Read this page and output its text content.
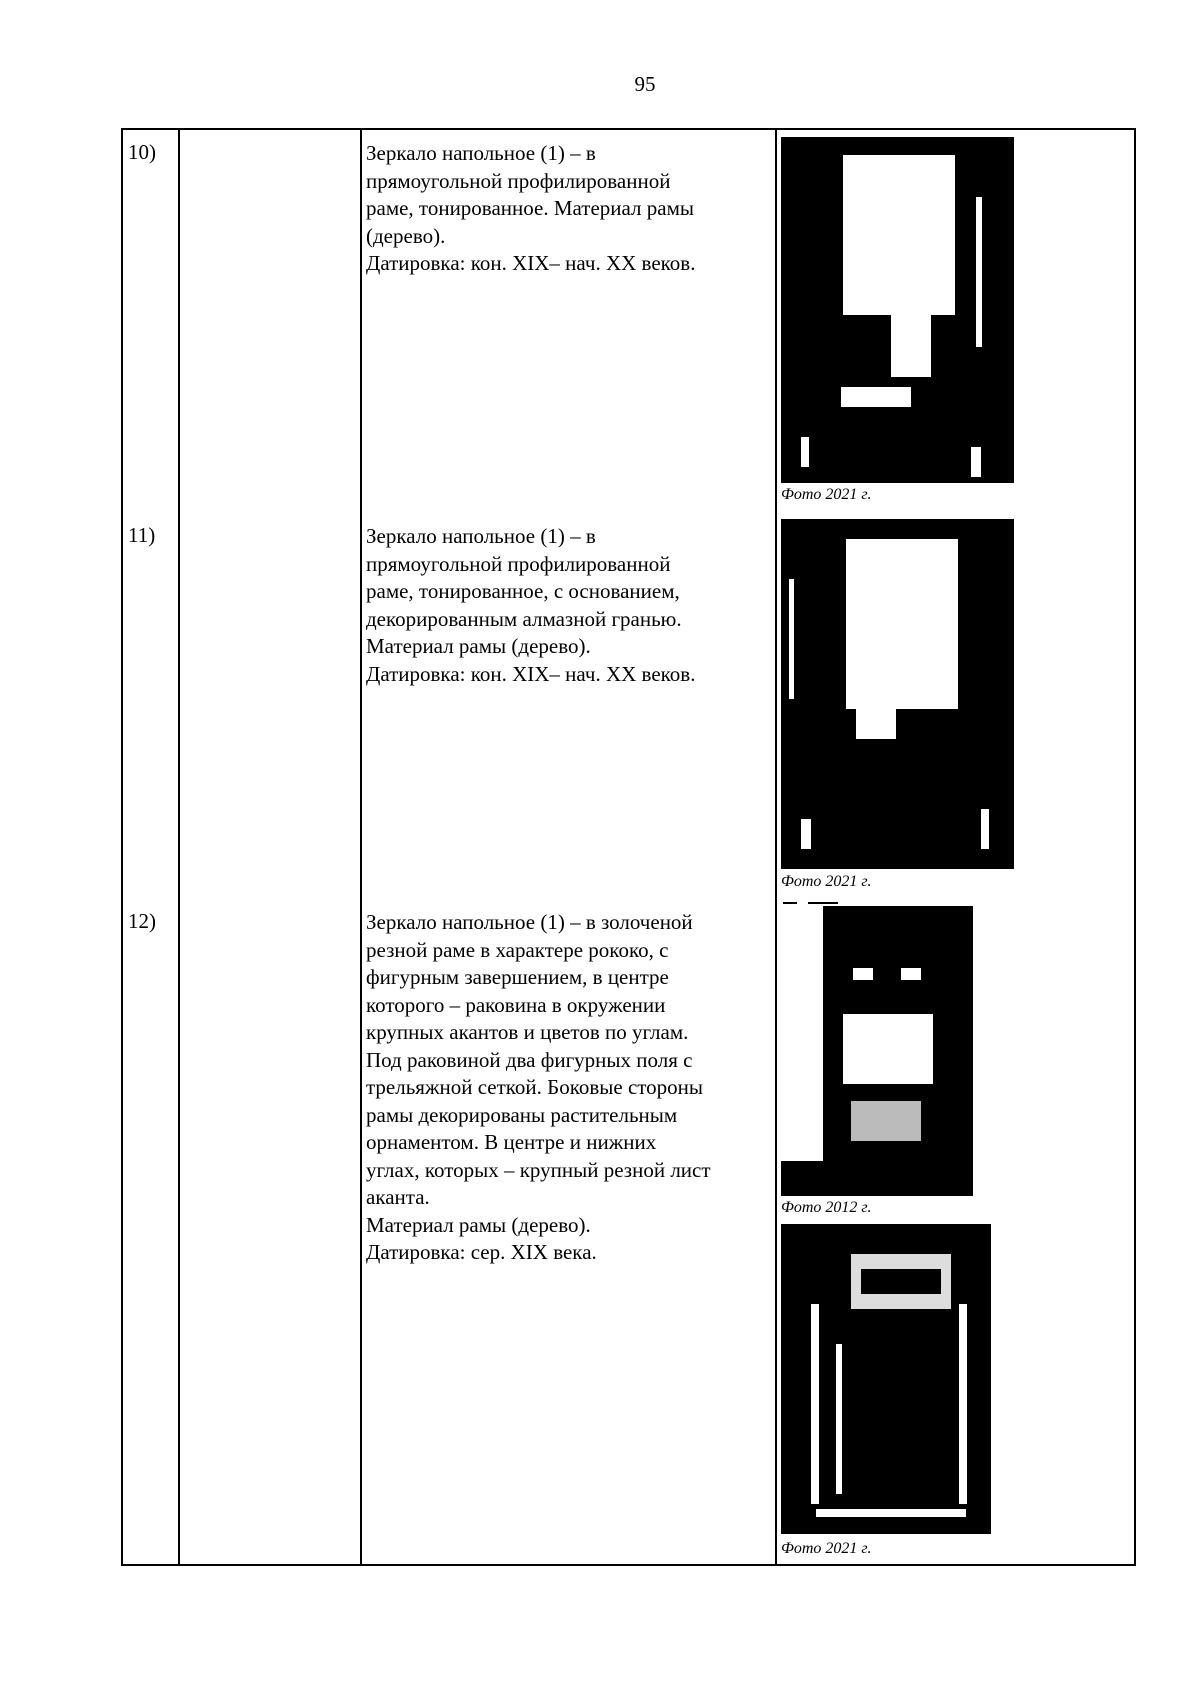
95
10)	Зеркало напольное (1) – в
прямоугольной профилированной
раме, тонированное. Материал рамы
(дерево).
Датировка: кон. XIX– нач. XX веков.
Фото 2021 г.
11)	Зеркало напольное (1) – в
прямоугольной профилированной
раме, тонированное, с основанием,
декорированным алмазной гранью.
Материал рамы (дерево).
Датировка: кон. XIX– нач. XX веков.
Фото 2021 г.
12)	Зеркало напольное (1) – в золоченой
резной раме в характере рококо, с
фигурным завершением, в центре
которого – раковина в окружении
крупных акантов и цветов по углам.
Под раковиной два фигурных поля с
трельяжной сеткой. Боковые стороны
рамы декорированы растительным
орнаментом. В центре и нижних
углах, которых – крупный резной лист
аканта.
Материал рамы (дерево).
Датировка: сер. XIX века.
Фото 2012 г.
Фото 2021 г.
